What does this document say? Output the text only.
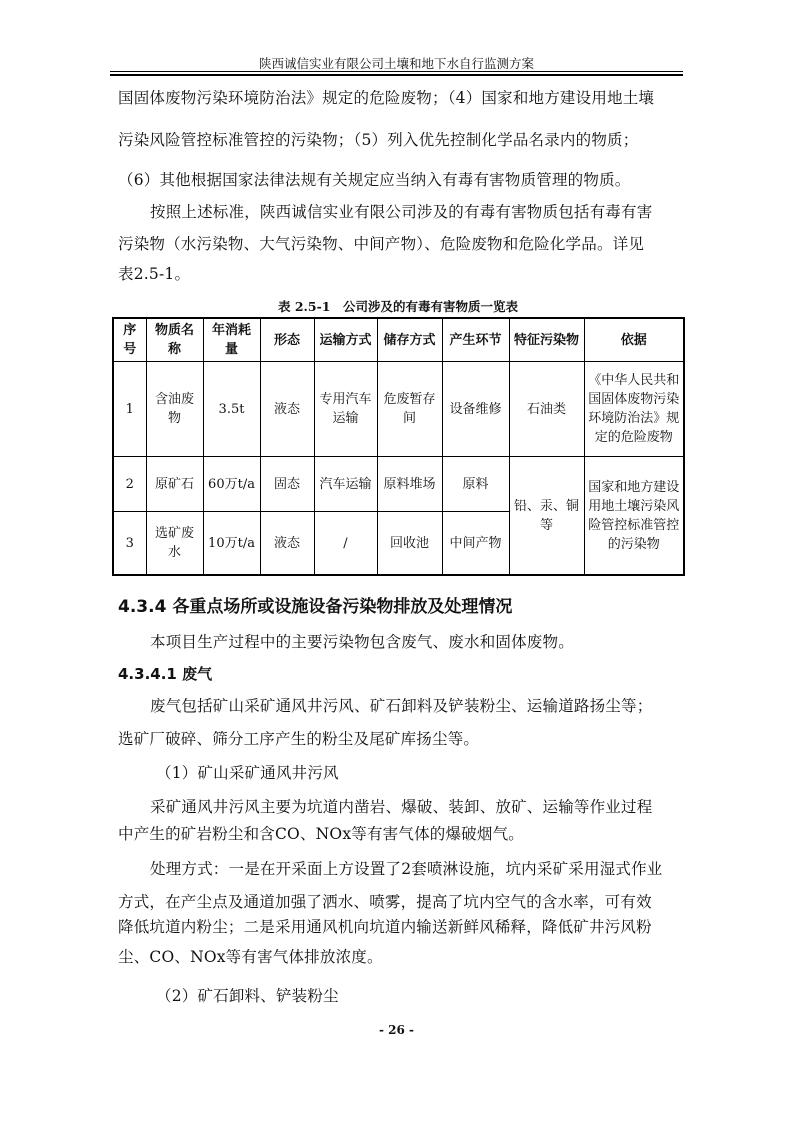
陕西诚信实业有限公司土壤和地下水自行监测方案
国固体废物污染环境防治法》规定的危险废物；（4）国家和地方建设用地土壤
污染风险管控标准管控的污染物；（5）列入优先控制化学品名录内的物质；
（6）其他根据国家法律法规有关规定应当纳入有毒有害物质管理的物质。
按照上述标准，陕西诚信实业有限公司涉及的有毒有害物质包括有毒有害
污染物（水污染物、大气污染物、中间产物）、危险废物和危险化学品。详见
表2.5-1。
表 2.5-1　公司涉及的有毒有害物质一览表
序号	物质名称	年消耗量	形态	运输方式	储存方式	产生环节	特征污染物	依据
1	含油废物	3.5t	液态	专用汽车运输	危废暂存间	设备维修	石油类	《中华人民共和国固体废物污染环境防治法》规定的危险废物
2	原矿石	60万t/a	固态	汽车运输	原料堆场	原料	铅、汞、铜等	国家和地方建设用地土壤污染风险管控标准管控的污染物
3	选矿废水	10万t/a	液态	/	回收池	中间产物		
4.3.4 各重点场所或设施设备污染物排放及处理情况
本项目生产过程中的主要污染物包含废气、废水和固体废物。
4.3.4.1 废气
废气包括矿山采矿通风井污风、矿石卸料及铲装粉尘、运输道路扬尘等；
选矿厂破碎、筛分工序产生的粉尘及尾矿库扬尘等。
（1）矿山采矿通风井污风
采矿通风井污风主要为坑道内凿岩、爆破、装卸、放矿、运输等作业过程
中产生的矿岩粉尘和含CO、NOx等有害气体的爆破烟气。
处理方式：一是在开采面上方设置了2套喷淋设施，坑内采矿采用湿式作业
方式，在产尘点及通道加强了洒水、喷雾，提高了坑内空气的含水率，可有效
降低坑道内粉尘；二是采用通风机向坑道内输送新鲜风稀释，降低矿井污风粉
尘、CO、NOx等有害气体排放浓度。
（2）矿石卸料、铲装粉尘
- 26 -
